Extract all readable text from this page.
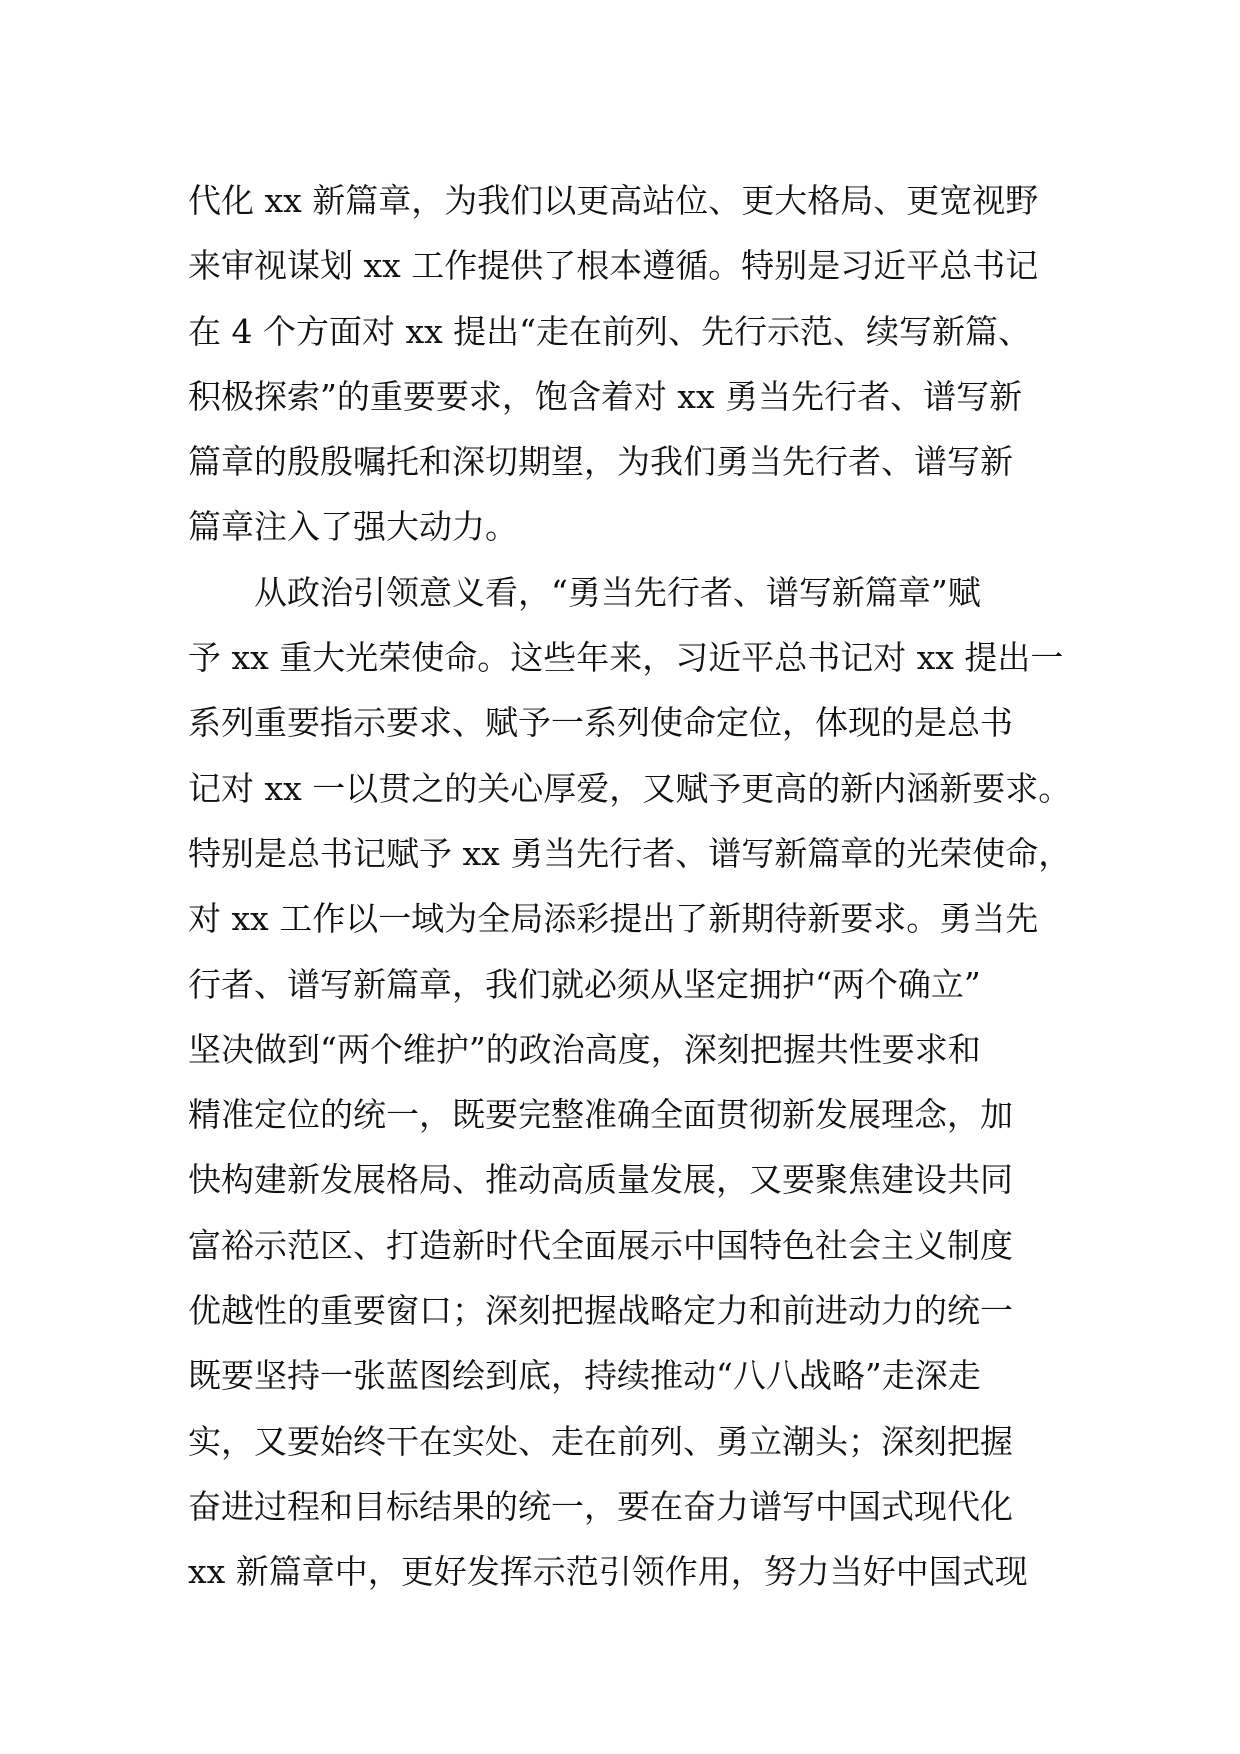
代化 xx 新篇章，为我们以更高站位、更大格局、更宽视野
来审视谋划 xx 工作提供了根本遵循。特别是习近平总书记
在 4 个方面对 xx 提出“走在前列、先行示范、续写新篇、
积极探索”的重要要求，饱含着对 xx 勇当先行者、谱写新
篇章的殷殷嘱托和深切期望，为我们勇当先行者、谱写新
篇章注入了强大动力。
从政治引领意义看，“勇当先行者、谱写新篇章”赋
予 xx 重大光荣使命。这些年来，习近平总书记对 xx 提出一
系列重要指示要求、赋予一系列使命定位，体现的是总书
记对 xx 一以贯之的关心厚爱，又赋予更高的新内涵新要求。
特别是总书记赋予 xx 勇当先行者、谱写新篇章的光荣使命，
对 xx 工作以一域为全局添彩提出了新期待新要求。勇当先
行者、谱写新篇章，我们就必须从坚定拥护“两个确立”
坚决做到“两个维护”的政治高度，深刻把握共性要求和
精准定位的统一，既要完整准确全面贯彻新发展理念，加
快构建新发展格局、推动高质量发展，又要聚焦建设共同
富裕示范区、打造新时代全面展示中国特色社会主义制度
优越性的重要窗口；深刻把握战略定力和前进动力的统一
既要坚持一张蓝图绘到底，持续推动“八八战略”走深走
实，又要始终干在实处、走在前列、勇立潮头；深刻把握
奋进过程和目标结果的统一，要在奋力谱写中国式现代化
xx 新篇章中，更好发挥示范引领作用，努力当好中国式现
